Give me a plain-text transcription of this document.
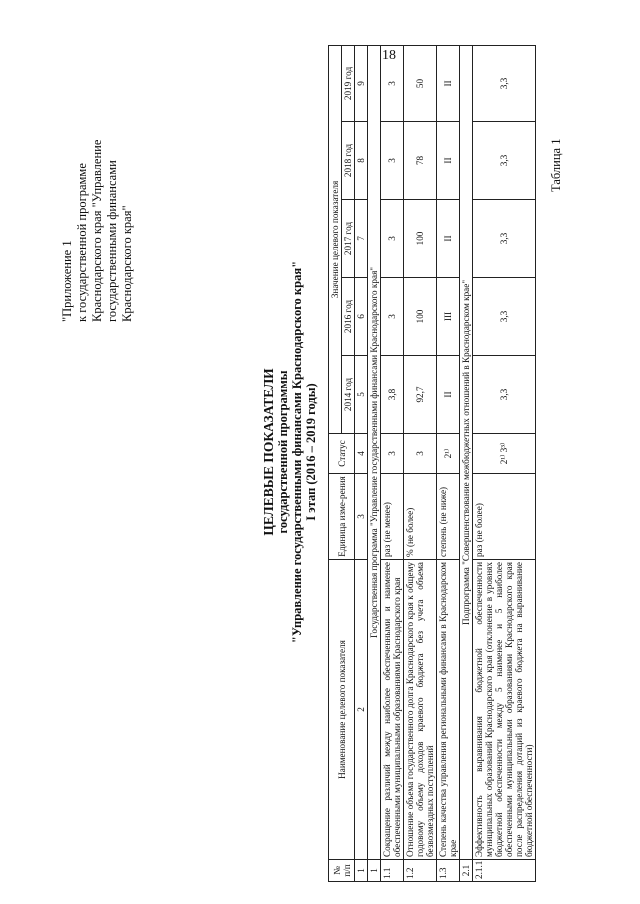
18
"Приложение 1 к государственной программе Краснодарского края "Управление государственными финансами Краснодарского края"
Таблица 1
ЦЕЛЕВЫЕ ПОКАЗАТЕЛИ государственной программы "Управление государственными финансами Краснодарского края" I этап (2016 – 2019 годы)
№ п/п	Наименование целевого показателя	Единица изме-рения	Статус	Значение целевого показателя				
				2014 год	2016 год	2017 год	2018 год	2019 год
1	2	3	4	5	6	7	8	9
1	Государственная программа "Управление государственными финансами Краснодарского края"							
1.1	Сокращение различий между наиболее обеспеченными и наименее обеспеченными муниципальными образованиями Краснодарского края	раз (не менее)	3	3,8	3	3	3	3
1.2	Отношение объема государственного долга Краснодарского края к общему годовому объему доходов краевого бюджета без учета объема безвозмездных поступлений	% (не более)	3	92,7	100	100	78	50
1.3	Степень качества управления региональными финансами в Краснодарском крае	степень (не ниже)	2¹⁾	II	III	II	II	II
2.1	Подпрограмма "Совершенствование межбюджетных отношений в Краснодарском крае"							
2.1.1	Эффективность выравнивания бюджетной обеспеченности муниципальных образований Краснодарского края (отклонение в уровнях бюджетной обеспеченности между 5 наименее и 5 наиболее обеспеченными муниципальными образованиями Краснодарского края после распределения дотаций из краевого бюджета на выравнивание бюджетной обеспеченности)	раз (не более)	2¹⁾ 3³⁾	3,3	3,3	3,3	3,3	3,3
